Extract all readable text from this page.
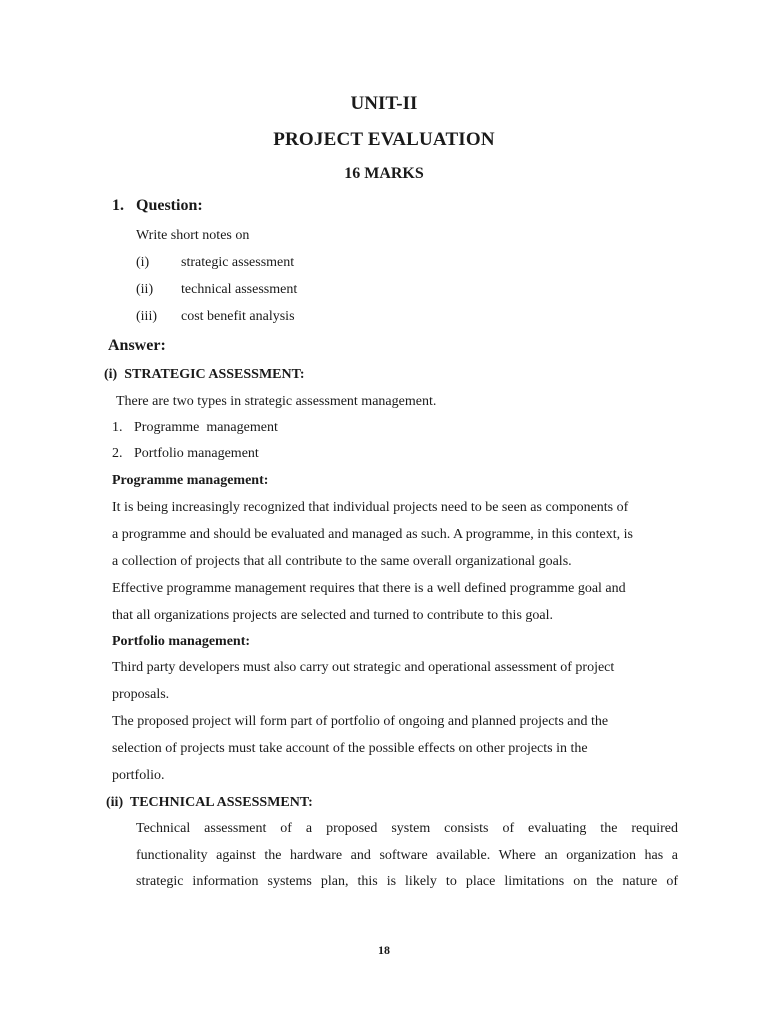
UNIT-II
PROJECT EVALUATION
16 MARKS
1. Question:
Write short notes on
(i) strategic assessment
(ii) technical assessment
(iii) cost benefit analysis
Answer:
(i)  STRATEGIC ASSESSMENT:
There are two types in strategic assessment management.
1. Programme  management
2. Portfolio management
Programme management:
It is being increasingly recognized that individual projects need to be seen as components of
a programme and should be evaluated and managed as such. A programme, in this context, is
a collection of projects that all contribute to the same overall organizational goals.
Effective programme management requires that there is a well defined programme goal and
that all organizations projects are selected and turned to contribute to this goal.
Portfolio management:
Third party developers must also carry out strategic and operational assessment of project
proposals.
The proposed project will form part of portfolio of ongoing and planned projects and the
selection of projects must take account of the possible effects on other projects in the
portfolio.
(ii)  TECHNICAL ASSESSMENT:
Technical assessment of a proposed system consists of evaluating the required
functionality against the hardware and software available. Where an organization has a
strategic information systems plan, this is likely to place limitations on the nature of
18
